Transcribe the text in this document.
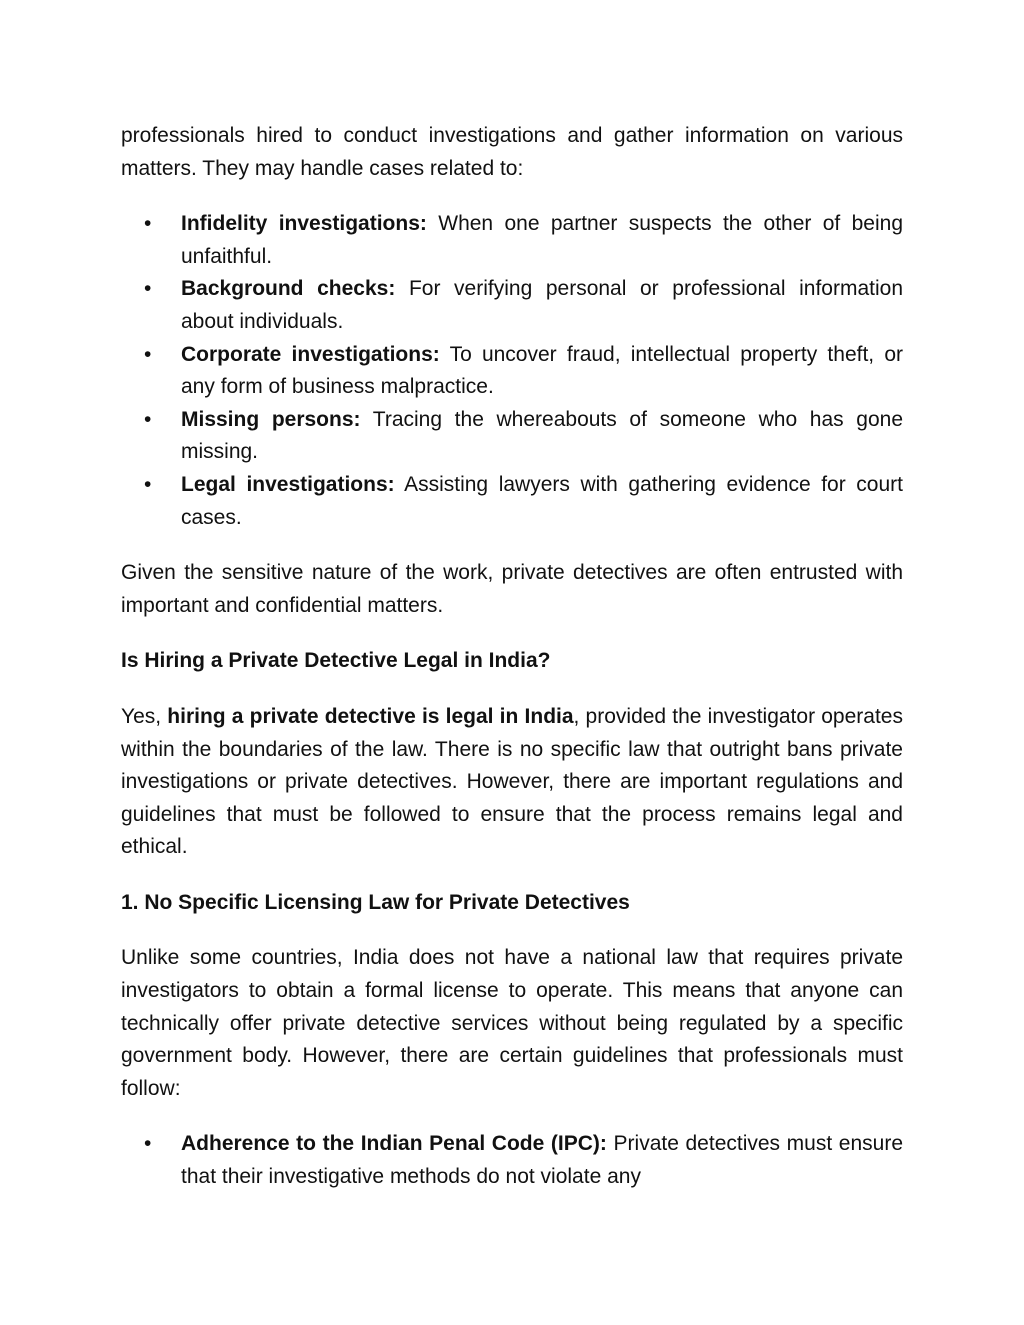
professionals hired to conduct investigations and gather information on various matters. They may handle cases related to:

• Infidelity investigations: When one partner suspects the other of being unfaithful.
• Background checks: For verifying personal or professional information about individuals.
• Corporate investigations: To uncover fraud, intellectual property theft, or any form of business malpractice.
• Missing persons: Tracing the whereabouts of someone who has gone missing.
• Legal investigations: Assisting lawyers with gathering evidence for court cases.

Given the sensitive nature of the work, private detectives are often entrusted with important and confidential matters.

Is Hiring a Private Detective Legal in India?

Yes, hiring a private detective is legal in India, provided the investigator operates within the boundaries of the law. There is no specific law that outright bans private investigations or private detectives. However, there are important regulations and guidelines that must be followed to ensure that the process remains legal and ethical.

1. No Specific Licensing Law for Private Detectives

Unlike some countries, India does not have a national law that requires private investigators to obtain a formal license to operate. This means that anyone can technically offer private detective services without being regulated by a specific government body. However, there are certain guidelines that professionals must follow:

• Adherence to the Indian Penal Code (IPC): Private detectives must ensure that their investigative methods do not violate any
